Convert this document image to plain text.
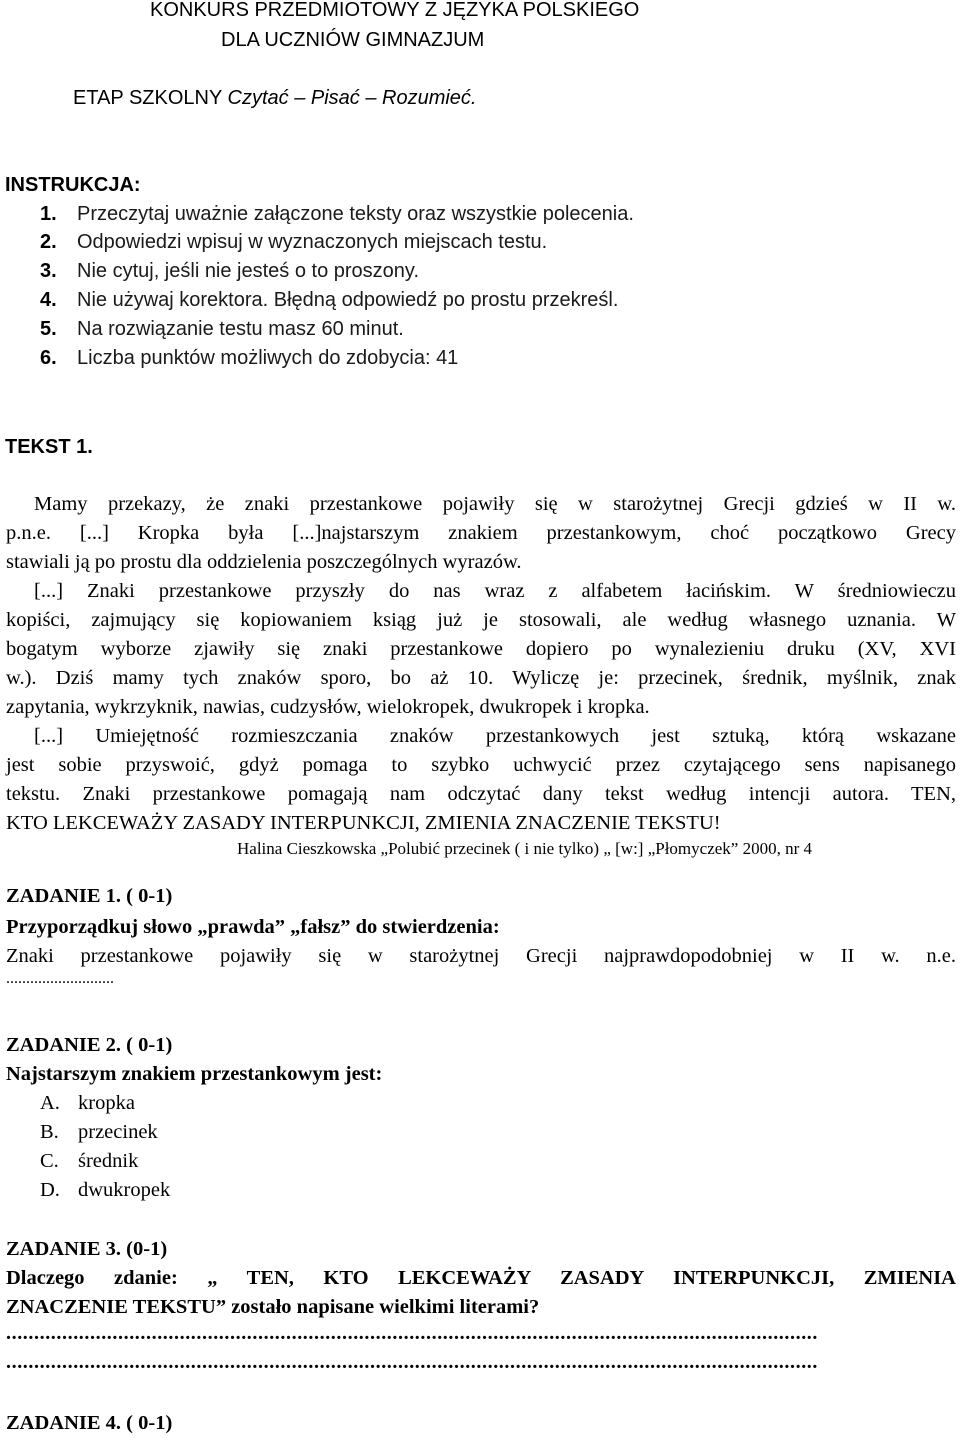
KONKURS PRZEDMIOTOWY Z JĘZYKA POLSKIEGO
DLA UCZNIÓW GIMNAZJUM
ETAP SZKOLNY Czytać – Pisać – Rozumieć.
INSTRUKCJA:
1. Przeczytaj uważnie załączone teksty oraz wszystkie polecenia.
2. Odpowiedzi wpisuj w wyznaczonych miejscach testu.
3. Nie cytuj, jeśli nie jesteś o to proszony.
4. Nie używaj korektora. Błędną odpowiedź po prostu przekreśl.
5. Na rozwiązanie testu masz 60 minut.
6. Liczba punktów możliwych do zdobycia: 41
TEKST 1.
Mamy przekazy, że znaki przestankowe pojawiły się w starożytnej Grecji gdzieś w II w.
p.n.e. [...] Kropka była [...]najstarszym znakiem przestankowym, choć początkowo Grecy
stawiali ją po prostu dla oddzielenia poszczególnych wyrazów.
[...] Znaki przestankowe przyszły do nas wraz z alfabetem łacińskim. W średniowieczu
kopiści, zajmujący się kopiowaniem ksiąg już je stosowali, ale według własnego uznania. W
bogatym wyborze zjawiły się znaki przestankowe dopiero po wynalezieniu druku (XV, XVI
w.). Dziś mamy tych znaków sporo, bo aż 10. Wyliczę je: przecinek, średnik, myślnik, znak
zapytania, wykrzyknik, nawias, cudzysłów, wielokropek, dwukropek i kropka.
[...] Umiejętność rozmieszczania znaków przestankowych jest sztuką, którą wskazane
jest sobie przyswoić, gdyż pomaga to szybko uchwycić przez czytającego sens napisanego
tekstu. Znaki przestankowe pomagają nam odczytać dany tekst według intencji autora. TEN,
KTO LEKCEWAŻY ZASADY INTERPUNKCJI, ZMIENIA ZNACZENIE TEKSTU!
Halina Cieszkowska „Polubić przecinek ( i nie tylko) „ [w:] „Płomyczek” 2000, nr 4
ZADANIE 1. ( 0-1)
Przyporządkuj słowo „prawda” „fałsz” do stwierdzenia:
Znaki przestankowe pojawiły się w starożytnej Grecji najprawdopodobniej w II w. n.e.
...........................
ZADANIE 2. ( 0-1)
Najstarszym znakiem przestankowym jest:
A. kropka
B. przecinek
C. średnik
D. dwukropek
ZADANIE 3. (0-1)
Dlaczego zdanie: „ TEN, KTO LEKCEWAŻY ZASADY INTERPUNKCJI, ZMIENIA
ZNACZENIE TEKSTU” zostało napisane wielkimi literami?
.................................................................................................................................................
.................................................................................................................................................
ZADANIE 4. ( 0-1)
